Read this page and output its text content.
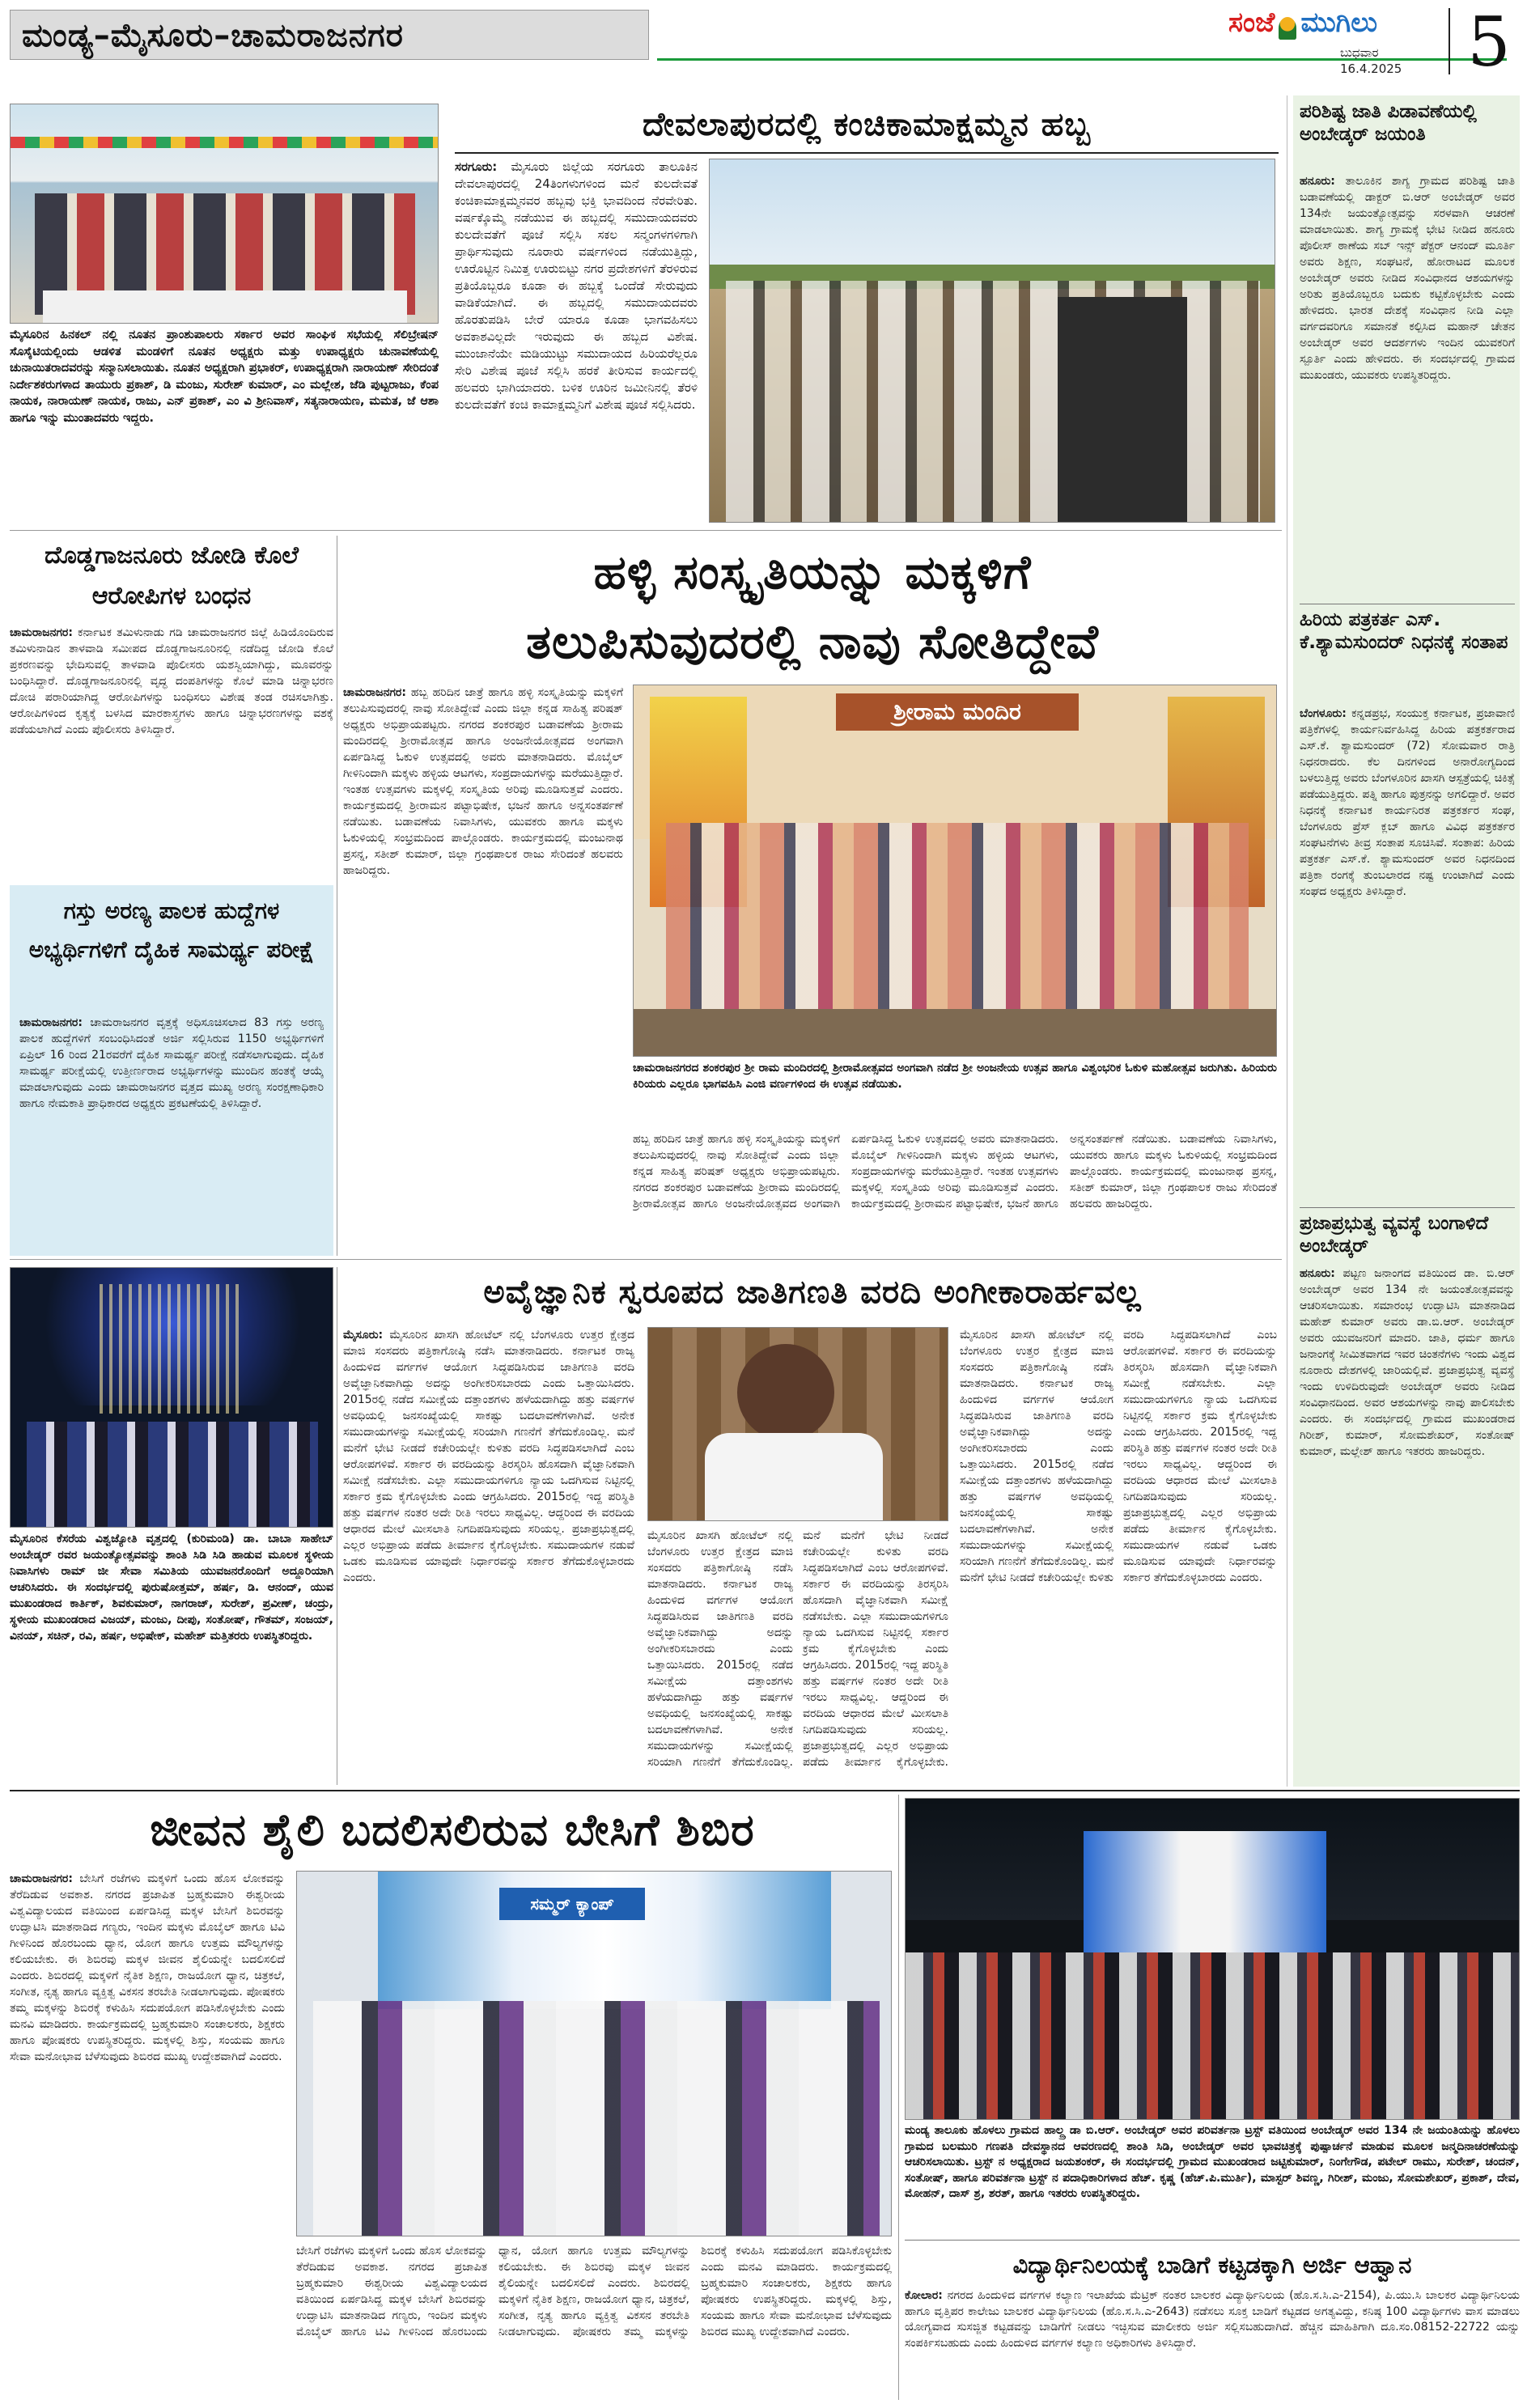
ಮಂಡ್ಯ–ಮೈಸೂರು–ಚಾಮರಾಜನಗರ	ಸಂಜೆ ಮುಗಿಲು
ಬುಧವಾರ
16.4.2025 5
ಮೈಸೂರಿನ ಹಿನಕಲ್ ನಲ್ಲಿ ನೂತನ ಪ್ರಾಂಶುಪಾಲರು ಸರ್ಕಾರ ಅವರ ಸಾಂಘಿಕ ಸಭೆಯಲ್ಲಿ ಸೆಲಿಬ್ರೇಷನ್ ಸೊಸೈಟಿಯಲ್ಲಿಂದು ಆಡಳಿತ ಮಂಡಳಿಗೆ ನೂತನ ಅಧ್ಯಕ್ಷರು ಮತ್ತು ಉಪಾಧ್ಯಕ್ಷರು ಚುನಾವಣೆಯಲ್ಲಿ ಚುನಾಯಿತರಾದವರನ್ನು ಸನ್ಮಾನಿಸಲಾಯಿತು. ನೂತನ ಅಧ್ಯಕ್ಷರಾಗಿ ಪ್ರಭಾಕರ್, ಉಪಾಧ್ಯಕ್ಷರಾಗಿ ನಾರಾಯಣ್ ಸೇರಿದಂತೆ ನಿರ್ದೇಶಕರುಗಳಾದ ತಾಯುರು ಪ್ರಕಾಶ್, ಡಿ ಮಂಜು, ಸುರೇಶ್ ಕುಮಾರ್, ಎಂ ಮಲ್ಲೇಶ, ಜೆಡಿ ಪುಟ್ಟರಾಜು, ಕೆಂಪ ನಾಯಕ, ನಾರಾಯಣ್ ನಾಯಕ, ರಾಜು, ಎನ್ ಪ್ರಕಾಶ್, ಎಂ ವಿ ಶ್ರೀನಿವಾಸ್, ಸತ್ಯನಾರಾಯಣ, ಮಮತ, ಜೆ ಆಶಾ ಹಾಗೂ ಇನ್ನು ಮುಂತಾದವರು ಇದ್ದರು.
ದೇವಲಾಪುರದಲ್ಲಿ ಕಂಚಿಕಾಮಾಕ್ಷಮ್ಮನ ಹಬ್ಬ
ಸರಗೂರು: ಮೈಸೂರು ಜಿಲ್ಲೆಯ ಸರಗೂರು ತಾಲೂಕಿನ ದೇವಲಾಪುರದಲ್ಲಿ 24ತಿಂಗಳುಗಳಿಂದ ಮನೆ ಕುಲದೇವತೆ ಕಂಚಿಕಾಮಾಕ್ಷಮ್ಮನವರ ಹಬ್ಬವು ಭಕ್ತಿ ಭಾವದಿಂದ ನೆರವೇರಿತು. ವರ್ಷಕ್ಕೊಮ್ಮೆ ನಡೆಯುವ ಈ ಹಬ್ಬದಲ್ಲಿ ಸಮುದಾಯದವರು ಕುಲದೇವತೆಗೆ ಪೂಜೆ ಸಲ್ಲಿಸಿ ಸಕಲ ಸನ್ಮಂಗಳಗಳಿಗಾಗಿ ಪ್ರಾರ್ಥಿಸುವುದು ನೂರಾರು ವರ್ಷಗಳಿಂದ ನಡೆಯುತ್ತಿದ್ದು, ಊರೊಟ್ಟಿನ ನಿಮಿತ್ತ ಊರುಬಿಟ್ಟು ನಗರ ಪ್ರದೇಶಗಳಿಗೆ ತೆರಳಿರುವ ಪ್ರತಿಯೊಬ್ಬರೂ ಕೂಡಾ ಈ ಹಬ್ಬಕ್ಕೆ ಒಂದೆಡೆ ಸೇರುವುದು ವಾಡಿಕೆಯಾಗಿದೆ. ಈ ಹಬ್ಬದಲ್ಲಿ ಸಮುದಾಯದವರು ಹೊರತುಪಡಿಸಿ ಬೇರೆ ಯಾರೂ ಕೂಡಾ ಭಾಗವಹಿಸಲು ಅವಕಾಶವಿಲ್ಲದೇ ಇರುವುದು ಈ ಹಬ್ಬದ ವಿಶೇಷ. ಮುಂಜಾನೆಯೇ ಮಡಿಯುಟ್ಟು ಸಮುದಾಯದ ಹಿರಿಯರೆಲ್ಲರೂ ಸೇರಿ ವಿಶೇಷ ಪೂಜೆ ಸಲ್ಲಿಸಿ ಹರಕೆ ತೀರಿಸುವ ಕಾರ್ಯದಲ್ಲಿ ಹಲವರು ಭಾಗಿಯಾದರು. ಬಳಿಕ ಊರಿನ ಜಮೀನಿನಲ್ಲಿ ತೆರಳಿ ಕುಲದೇವತೆಗೆ ಕಂಚಿ ಕಾಮಾಕ್ಷಮ್ಮನಿಗೆ ವಿಶೇಷ ಪೂಜೆ ಸಲ್ಲಿಸಿದರು.
ಪರಿಶಿಷ್ಟ ಜಾತಿ ಪಿಡಾವಣೆಯಲ್ಲಿ ಅಂಬೇಡ್ಕರ್ ಜಯಂತಿ
ಹನೂರು: ತಾಲೂಕಿನ ಶಾಗ್ಯ ಗ್ರಾಮದ ಪರಿಶಿಷ್ಟ ಜಾತಿ ಬಡಾವಣೆಯಲ್ಲಿ ಡಾಕ್ಟರ್ ಬಿ.ಆರ್ ಅಂಬೇಡ್ಕರ್ ಅವರ 134ನೇ ಜಯಂತ್ಯೋತ್ಸವನ್ನು ಸರಳವಾಗಿ ಆಚರಣೆ ಮಾಡಲಾಯಿತು. ಶಾಗ್ಯ ಗ್ರಾಮಕ್ಕೆ ಭೇಟಿ ನೀಡಿದ ಹನೂರು ಪೊಲೀಸ್ ಠಾಣೆಯ ಸಬ್ ಇನ್ಸ್ ಪೆಕ್ಟರ್ ಆನಂದ್ ಮೂರ್ತಿ ಅವರು ಶಿಕ್ಷಣ, ಸಂಘಟನೆ, ಹೋರಾಟದ ಮೂಲಕ ಅಂಬೇಡ್ಕರ್ ಅವರು ನೀಡಿದ ಸಂವಿಧಾನದ ಆಶಯಗಳನ್ನು ಅರಿತು ಪ್ರತಿಯೊಬ್ಬರೂ ಬದುಕು ಕಟ್ಟಿಕೊಳ್ಳಬೇಕು ಎಂದು ಹೇಳಿದರು. ಭಾರತ ದೇಶಕ್ಕೆ ಸಂವಿಧಾನ ನೀಡಿ ಎಲ್ಲಾ ವರ್ಗದವರಿಗೂ ಸಮಾನತೆ ಕಲ್ಪಿಸಿದ ಮಹಾನ್ ಚೇತನ ಅಂಬೇಡ್ಕರ್ ಅವರ ಆದರ್ಶಗಳು ಇಂದಿನ ಯುವಕರಿಗೆ ಸ್ಪೂರ್ತಿ ಎಂದು ಹೇಳಿದರು. ಈ ಸಂದರ್ಭದಲ್ಲಿ ಗ್ರಾಮದ ಮುಖಂಡರು, ಯುವಕರು ಉಪಸ್ಥಿತರಿದ್ದರು.
ಹಿರಿಯ ಪತ್ರಕರ್ತ ಎಸ್. ಕೆ.ಶ್ಯಾಮಸುಂದರ್ ನಿಧನಕ್ಕೆ ಸಂತಾಪ
ಬೆಂಗಳೂರು: ಕನ್ನಡಪ್ರಭ, ಸಂಯುಕ್ತ ಕರ್ನಾಟಕ, ಪ್ರಜಾವಾಣಿ ಪತ್ರಿಕೆಗಳಲ್ಲಿ ಕಾರ್ಯನಿರ್ವಹಿಸಿದ್ದ ಹಿರಿಯ ಪತ್ರಕರ್ತರಾದ ಎಸ್.ಕೆ. ಶ್ಯಾಮಸುಂದರ್ (72) ಸೋಮವಾರ ರಾತ್ರಿ ನಿಧನರಾದರು. ಕೆಲ ದಿನಗಳಿಂದ ಅನಾರೋಗ್ಯದಿಂದ ಬಳಲುತ್ತಿದ್ದ ಅವರು ಬೆಂಗಳೂರಿನ ಖಾಸಗಿ ಆಸ್ಪತ್ರೆಯಲ್ಲಿ ಚಿಕಿತ್ಸೆ ಪಡೆಯುತ್ತಿದ್ದರು. ಪತ್ನಿ ಹಾಗೂ ಪುತ್ರನನ್ನು ಅಗಲಿದ್ದಾರೆ. ಅವರ ನಿಧನಕ್ಕೆ ಕರ್ನಾಟಕ ಕಾರ್ಯನಿರತ ಪತ್ರಕರ್ತರ ಸಂಘ, ಬೆಂಗಳೂರು ಪ್ರೆಸ್ ಕ್ಲಬ್ ಹಾಗೂ ವಿವಿಧ ಪತ್ರಕರ್ತರ ಸಂಘಟನೆಗಳು ತೀವ್ರ ಸಂತಾಪ ಸೂಚಿಸಿವೆ. ಸಂತಾಪ: ಹಿರಿಯ ಪತ್ರಕರ್ತ ಎಸ್.ಕೆ. ಶ್ಯಾಮಸುಂದರ್ ಅವರ ನಿಧನದಿಂದ ಪತ್ರಿಕಾ ರಂಗಕ್ಕೆ ತುಂಬಲಾರದ ನಷ್ಟ ಉಂಟಾಗಿದೆ ಎಂದು ಸಂಘದ ಅಧ್ಯಕ್ಷರು ತಿಳಿಸಿದ್ದಾರೆ.
ಪ್ರಜಾಪ್ರಭುತ್ವ ವ್ಯವಸ್ಥೆ ಬಂಗಾಳಿದೆ ಅಂಬೇಡ್ಕರ್
ಹನೂರು: ಪಟ್ಟಣ ಜನಾಂಗದ ವತಿಯಿಂದ ಡಾ. ಬಿ.ಆರ್ ಅಂಬೇಡ್ಕರ್ ಅವರ 134 ನೇ ಜಯಂತೋತ್ಸವವನ್ನು ಆಚರಿಸಲಾಯಿತು. ಸಮಾರಂಭ ಉದ್ಘಾಟಿಸಿ ಮಾತನಾಡಿದ ಮಹೇಶ್ ಕುಮಾರ್ ಅವರು ಡಾ.ಬಿ.ಆರ್. ಅಂಬೇಡ್ಕರ್ ಅವರು ಯುವಜನರಿಗೆ ಮಾದರಿ. ಜಾತಿ, ಧರ್ಮ ಹಾಗೂ ಜನಾಂಗಕ್ಕೆ ಸೀಮಿತವಾಗದ ಇವರ ಚಿಂತನೆಗಳು ಇಂದು ವಿಶ್ವದ ನೂರಾರು ದೇಶಗಳಲ್ಲಿ ಜಾರಿಯಲ್ಲಿವೆ. ಪ್ರಜಾಪ್ರಭುತ್ವ ವ್ಯವಸ್ಥೆ ಇಂದು ಉಳಿದಿರುವುದೇ ಅಂಬೇಡ್ಕರ್ ಅವರು ನೀಡಿದ ಸಂವಿಧಾನದಿಂದ. ಅವರ ಆಶಯಗಳನ್ನು ನಾವು ಪಾಲಿಸಬೇಕು ಎಂದರು. ಈ ಸಂದರ್ಭದಲ್ಲಿ ಗ್ರಾಮದ ಮುಖಂಡರಾದ ಗಿರೀಶ್, ಕುಮಾರ್, ಸೋಮಶೇಖರ್, ಸಂತೋಷ್ ಕುಮಾರ್, ಮಲ್ಲೇಶ್ ಹಾಗೂ ಇತರರು ಹಾಜರಿದ್ದರು.
ದೊಡ್ಡಗಾಜನೂರು ಜೋಡಿ ಕೊಲೆ ಆರೋಪಿಗಳ ಬಂಧನ
ಚಾಮರಾಜನಗರ: ಕರ್ನಾಟಕ ತಮಿಳುನಾಡು ಗಡಿ ಚಾಮರಾಜನಗರ ಜಿಲ್ಲೆ ಹಿಡಿಯೊಂದಿರುವ ತಮಿಳುನಾಡಿನ ತಾಳವಾಡಿ ಸಮೀಪದ ದೊಡ್ಡಗಾಜನೂರಿನಲ್ಲಿ ನಡೆದಿದ್ದ ಜೋಡಿ ಕೊಲೆ ಪ್ರಕರಣವನ್ನು ಭೇದಿಸುವಲ್ಲಿ ತಾಳವಾಡಿ ಪೊಲೀಸರು ಯಶಸ್ವಿಯಾಗಿದ್ದು, ಮೂವರನ್ನು ಬಂಧಿಸಿದ್ದಾರೆ. ದೊಡ್ಡಗಾಜನೂರಿನಲ್ಲಿ ವೃದ್ಧ ದಂಪತಿಗಳನ್ನು ಕೊಲೆ ಮಾಡಿ ಚಿನ್ನಾಭರಣ ದೋಚಿ ಪರಾರಿಯಾಗಿದ್ದ ಆರೋಪಿಗಳನ್ನು ಬಂಧಿಸಲು ವಿಶೇಷ ತಂಡ ರಚಿಸಲಾಗಿತ್ತು. ಆರೋಪಿಗಳಿಂದ ಕೃತ್ಯಕ್ಕೆ ಬಳಸಿದ ಮಾರಕಾಸ್ತ್ರಗಳು ಹಾಗೂ ಚಿನ್ನಾಭರಣಗಳನ್ನು ವಶಕ್ಕೆ ಪಡೆಯಲಾಗಿದೆ ಎಂದು ಪೊಲೀಸರು ತಿಳಿಸಿದ್ದಾರೆ.
ಗಸ್ತು ಅರಣ್ಯ ಪಾಲಕ ಹುದ್ದೆಗಳ ಅಭ್ಯರ್ಥಿಗಳಿಗೆ ದೈಹಿಕ ಸಾಮರ್ಥ್ಯ ಪರೀಕ್ಷೆ
ಚಾಮರಾಜನಗರ: ಚಾಮರಾಜನಗರ ವೃತ್ತಕ್ಕೆ ಅಧಿಸೂಚಿಸಲಾದ 83 ಗಸ್ತು ಅರಣ್ಯ ಪಾಲಕ ಹುದ್ದೆಗಳಿಗೆ ಸಂಬಂಧಿಸಿದಂತೆ ಅರ್ಜಿ ಸಲ್ಲಿಸಿರುವ 1150 ಅಭ್ಯರ್ಥಿಗಳಿಗೆ ಏಪ್ರಿಲ್ 16 ರಿಂದ 21ರವರೆಗೆ ದೈಹಿಕ ಸಾಮರ್ಥ್ಯ ಪರೀಕ್ಷೆ ನಡೆಸಲಾಗುವುದು. ದೈಹಿಕ ಸಾಮರ್ಥ್ಯ ಪರೀಕ್ಷೆಯಲ್ಲಿ ಉತ್ತೀರ್ಣರಾದ ಅಭ್ಯರ್ಥಿಗಳನ್ನು ಮುಂದಿನ ಹಂತಕ್ಕೆ ಆಯ್ಕೆ ಮಾಡಲಾಗುವುದು ಎಂದು ಚಾಮರಾಜನಗರ ವೃತ್ತದ ಮುಖ್ಯ ಅರಣ್ಯ ಸಂರಕ್ಷಣಾಧಿಕಾರಿ ಹಾಗೂ ನೇಮಕಾತಿ ಪ್ರಾಧಿಕಾರದ ಅಧ್ಯಕ್ಷರು ಪ್ರಕಟಣೆಯಲ್ಲಿ ತಿಳಿಸಿದ್ದಾರೆ.
ಹಳ್ಳಿ ಸಂಸ್ಕೃತಿಯನ್ನು ಮಕ್ಕಳಿಗೆ
ತಲುಪಿಸುವುದರಲ್ಲಿ ನಾವು ಸೋತಿದ್ದೇವೆ
ಚಾಮರಾಜನಗರ: ಹಬ್ಬ ಹರಿದಿನ ಜಾತ್ರೆ ಹಾಗೂ ಹಳ್ಳಿ ಸಂಸ್ಕೃತಿಯನ್ನು ಮಕ್ಕಳಿಗೆ ತಲುಪಿಸುವುದರಲ್ಲಿ ನಾವು ಸೋತಿದ್ದೇವೆ ಎಂದು ಜಿಲ್ಲಾ ಕನ್ನಡ ಸಾಹಿತ್ಯ ಪರಿಷತ್ ಅಧ್ಯಕ್ಷರು ಅಭಿಪ್ರಾಯಪಟ್ಟರು. ನಗರದ ಶಂಕರಪುರ ಬಡಾವಣೆಯ ಶ್ರೀರಾಮ ಮಂದಿರದಲ್ಲಿ ಶ್ರೀರಾಮೋತ್ಸವ ಹಾಗೂ ಅಂಜನೇಯೋತ್ಸವದ ಅಂಗವಾಗಿ ಏರ್ಪಡಿಸಿದ್ದ ಓಕುಳಿ ಉತ್ಸವದಲ್ಲಿ ಅವರು ಮಾತನಾಡಿದರು. ಮೊಬೈಲ್ ಗೀಳಿನಿಂದಾಗಿ ಮಕ್ಕಳು ಹಳ್ಳಿಯ ಆಟಗಳು, ಸಂಪ್ರದಾಯಗಳನ್ನು ಮರೆಯುತ್ತಿದ್ದಾರೆ. ಇಂತಹ ಉತ್ಸವಗಳು ಮಕ್ಕಳಲ್ಲಿ ಸಂಸ್ಕೃತಿಯ ಅರಿವು ಮೂಡಿಸುತ್ತವೆ ಎಂದರು. ಕಾರ್ಯಕ್ರಮದಲ್ಲಿ ಶ್ರೀರಾಮನ ಪಟ್ಟಾಭಿಷೇಕ, ಭಜನೆ ಹಾಗೂ ಅನ್ನಸಂತರ್ಪಣೆ ನಡೆಯಿತು. ಬಡಾವಣೆಯ ನಿವಾಸಿಗಳು, ಯುವಕರು ಹಾಗೂ ಮಕ್ಕಳು ಓಕುಳಿಯಲ್ಲಿ ಸಂಭ್ರಮದಿಂದ ಪಾಲ್ಗೊಂಡರು. ಕಾರ್ಯಕ್ರಮದಲ್ಲಿ ಮಂಜುನಾಥ ಪ್ರಸನ್ನ, ಸತೀಶ್ ಕುಮಾರ್, ಜಿಲ್ಲಾ ಗ್ರಂಥಪಾಲಕ ರಾಜು ಸೇರಿದಂತೆ ಹಲವರು ಹಾಜರಿದ್ದರು.
ಶ್ರೀರಾಮ ಮಂದಿರ
ಚಾಮರಾಜನಗರದ ಶಂಕರಪುರ ಶ್ರೀ ರಾಮ ಮಂದಿರದಲ್ಲಿ ಶ್ರೀರಾಮೋತ್ಸವದ ಅಂಗವಾಗಿ ನಡೆದ ಶ್ರೀ ಅಂಜನೇಯ ಉತ್ಸವ ಹಾಗೂ ವಿಶ್ವಂಭರಿಕ ಓಕುಳಿ ಮಹೋತ್ಸವ ಜರುಗಿತು. ಹಿರಿಯರು ಕಿರಿಯರು ಎಲ್ಲರೂ ಭಾಗವಹಿಸಿ ಎಂಜಿ ವರ್ಣಗಳಿಂದ ಈ ಉತ್ಸವ ನಡೆಯಿತು.
ಹಬ್ಬ ಹರಿದಿನ ಜಾತ್ರೆ ಹಾಗೂ ಹಳ್ಳಿ ಸಂಸ್ಕೃತಿಯನ್ನು ಮಕ್ಕಳಿಗೆ ತಲುಪಿಸುವುದರಲ್ಲಿ ನಾವು ಸೋತಿದ್ದೇವೆ ಎಂದು ಜಿಲ್ಲಾ ಕನ್ನಡ ಸಾಹಿತ್ಯ ಪರಿಷತ್ ಅಧ್ಯಕ್ಷರು ಅಭಿಪ್ರಾಯಪಟ್ಟರು. ನಗರದ ಶಂಕರಪುರ ಬಡಾವಣೆಯ ಶ್ರೀರಾಮ ಮಂದಿರದಲ್ಲಿ ಶ್ರೀರಾಮೋತ್ಸವ ಹಾಗೂ ಅಂಜನೇಯೋತ್ಸವದ ಅಂಗವಾಗಿ ಏರ್ಪಡಿಸಿದ್ದ ಓಕುಳಿ ಉತ್ಸವದಲ್ಲಿ ಅವರು ಮಾತನಾಡಿದರು. ಮೊಬೈಲ್ ಗೀಳಿನಿಂದಾಗಿ ಮಕ್ಕಳು ಹಳ್ಳಿಯ ಆಟಗಳು, ಸಂಪ್ರದಾಯಗಳನ್ನು ಮರೆಯುತ್ತಿದ್ದಾರೆ. ಇಂತಹ ಉತ್ಸವಗಳು ಮಕ್ಕಳಲ್ಲಿ ಸಂಸ್ಕೃತಿಯ ಅರಿವು ಮೂಡಿಸುತ್ತವೆ ಎಂದರು. ಕಾರ್ಯಕ್ರಮದಲ್ಲಿ ಶ್ರೀರಾಮನ ಪಟ್ಟಾಭಿಷೇಕ, ಭಜನೆ ಹಾಗೂ ಅನ್ನಸಂತರ್ಪಣೆ ನಡೆಯಿತು. ಬಡಾವಣೆಯ ನಿವಾಸಿಗಳು, ಯುವಕರು ಹಾಗೂ ಮಕ್ಕಳು ಓಕುಳಿಯಲ್ಲಿ ಸಂಭ್ರಮದಿಂದ ಪಾಲ್ಗೊಂಡರು. ಕಾರ್ಯಕ್ರಮದಲ್ಲಿ ಮಂಜುನಾಥ ಪ್ರಸನ್ನ, ಸತೀಶ್ ಕುಮಾರ್, ಜಿಲ್ಲಾ ಗ್ರಂಥಪಾಲಕ ರಾಜು ಸೇರಿದಂತೆ ಹಲವರು ಹಾಜರಿದ್ದರು.
ಮೈಸೂರಿನ ಕೆಸರೆಯ ವಿಶ್ವಜ್ಯೋತಿ ವೃತ್ತದಲ್ಲಿ (ಕುರಿಮಂಡಿ) ಡಾ. ಬಾಬಾ ಸಾಹೇಬ್ ಅಂಬೇಡ್ಕರ್ ರವರ ಜಯಂತ್ಯೋತ್ಸವವನ್ನು ಶಾಂತಿ ಸಿಡಿ ಸಿಡಿ ಹಾಡುವ ಮೂಲಕ ಸ್ಥಳೀಯ ನಿವಾಸಿಗಳು ರಾಮ್ ಜೀ ಸೇವಾ ಸಮಿತಿಯ ಯುವಜನರೊಂದಿಗೆ ಅದ್ದೂರಿಯಾಗಿ ಆಚರಿಸಿದರು. ಈ ಸಂದರ್ಭದಲ್ಲಿ ಪುರುಷೋತ್ತಮ್, ಹರ್ಷ, ಡಿ. ಆನಂದ್, ಯುವ ಮುಖಂಡರಾದ ಕಾರ್ತಿಕ್, ಶಿವಕುಮಾರ್, ನಾಗರಾಜ್, ಸುರೇಶ್, ಪ್ರವೀಣ್, ಚಂದ್ರು, ಸ್ಥಳೀಯ ಮುಖಂಡರಾದ ವಿಜಯ್, ಮಂಜು, ದೀಪು, ಸಂತೋಷ್, ಗೌತಮ್, ಸಂಜಯ್, ವಿನಯ್, ಸಚಿನ್, ರವಿ, ಹರ್ಷ, ಅಭಿಷೇಕ್, ಮಹೇಶ್ ಮತ್ತಿತರರು ಉಪಸ್ಥಿತರಿದ್ದರು.
ಅವೈಜ್ಞಾನಿಕ ಸ್ವರೂಪದ ಜಾತಿಗಣತಿ ವರದಿ ಅಂಗೀಕಾರಾರ್ಹವಲ್ಲ
ಮೈಸೂರು: ಮೈಸೂರಿನ ಖಾಸಗಿ ಹೋಟೆಲ್ ನಲ್ಲಿ ಬೆಂಗಳೂರು ಉತ್ತರ ಕ್ಷೇತ್ರದ ಮಾಜಿ ಸಂಸದರು ಪತ್ರಿಕಾಗೋಷ್ಠಿ ನಡೆಸಿ ಮಾತನಾಡಿದರು. ಕರ್ನಾಟಕ ರಾಜ್ಯ ಹಿಂದುಳಿದ ವರ್ಗಗಳ ಆಯೋಗ ಸಿದ್ಧಪಡಿಸಿರುವ ಜಾತಿಗಣತಿ ವರದಿ ಅವೈಜ್ಞಾನಿಕವಾಗಿದ್ದು ಅದನ್ನು ಅಂಗೀಕರಿಸಬಾರದು ಎಂದು ಒತ್ತಾಯಿಸಿದರು. 2015ರಲ್ಲಿ ನಡೆದ ಸಮೀಕ್ಷೆಯ ದತ್ತಾಂಶಗಳು ಹಳೆಯದಾಗಿದ್ದು ಹತ್ತು ವರ್ಷಗಳ ಅವಧಿಯಲ್ಲಿ ಜನಸಂಖ್ಯೆಯಲ್ಲಿ ಸಾಕಷ್ಟು ಬದಲಾವಣೆಗಳಾಗಿವೆ. ಅನೇಕ ಸಮುದಾಯಗಳನ್ನು ಸಮೀಕ್ಷೆಯಲ್ಲಿ ಸರಿಯಾಗಿ ಗಣನೆಗೆ ತೆಗೆದುಕೊಂಡಿಲ್ಲ. ಮನೆ ಮನೆಗೆ ಭೇಟಿ ನೀಡದೆ ಕಚೇರಿಯಲ್ಲೇ ಕುಳಿತು ವರದಿ ಸಿದ್ಧಪಡಿಸಲಾಗಿದೆ ಎಂಬ ಆರೋಪಗಳಿವೆ. ಸರ್ಕಾರ ಈ ವರದಿಯನ್ನು ತಿರಸ್ಕರಿಸಿ ಹೊಸದಾಗಿ ವೈಜ್ಞಾನಿಕವಾಗಿ ಸಮೀಕ್ಷೆ ನಡೆಸಬೇಕು. ಎಲ್ಲಾ ಸಮುದಾಯಗಳಿಗೂ ನ್ಯಾಯ ಒದಗಿಸುವ ನಿಟ್ಟಿನಲ್ಲಿ ಸರ್ಕಾರ ಕ್ರಮ ಕೈಗೊಳ್ಳಬೇಕು ಎಂದು ಆಗ್ರಹಿಸಿದರು. 2015ರಲ್ಲಿ ಇದ್ದ ಪರಿಸ್ಥಿತಿ ಹತ್ತು ವರ್ಷಗಳ ನಂತರ ಅದೇ ರೀತಿ ಇರಲು ಸಾಧ್ಯವಿಲ್ಲ. ಆದ್ದರಿಂದ ಈ ವರದಿಯ ಆಧಾರದ ಮೇಲೆ ಮೀಸಲಾತಿ ನಿಗದಿಪಡಿಸುವುದು ಸರಿಯಲ್ಲ. ಪ್ರಜಾಪ್ರಭುತ್ವದಲ್ಲಿ ಎಲ್ಲರ ಅಭಿಪ್ರಾಯ ಪಡೆದು ತೀರ್ಮಾನ ಕೈಗೊಳ್ಳಬೇಕು. ಸಮುದಾಯಗಳ ನಡುವೆ ಒಡಕು ಮೂಡಿಸುವ ಯಾವುದೇ ನಿರ್ಧಾರವನ್ನು ಸರ್ಕಾರ ತೆಗೆದುಕೊಳ್ಳಬಾರದು ಎಂದರು.
ಮೈಸೂರಿನ ಖಾಸಗಿ ಹೋಟೆಲ್ ನಲ್ಲಿ ಬೆಂಗಳೂರು ಉತ್ತರ ಕ್ಷೇತ್ರದ ಮಾಜಿ ಸಂಸದರು ಪತ್ರಿಕಾಗೋಷ್ಠಿ ನಡೆಸಿ ಮಾತನಾಡಿದರು. ಕರ್ನಾಟಕ ರಾಜ್ಯ ಹಿಂದುಳಿದ ವರ್ಗಗಳ ಆಯೋಗ ಸಿದ್ಧಪಡಿಸಿರುವ ಜಾತಿಗಣತಿ ವರದಿ ಅವೈಜ್ಞಾನಿಕವಾಗಿದ್ದು ಅದನ್ನು ಅಂಗೀಕರಿಸಬಾರದು ಎಂದು ಒತ್ತಾಯಿಸಿದರು. 2015ರಲ್ಲಿ ನಡೆದ ಸಮೀಕ್ಷೆಯ ದತ್ತಾಂಶಗಳು ಹಳೆಯದಾಗಿದ್ದು ಹತ್ತು ವರ್ಷಗಳ ಅವಧಿಯಲ್ಲಿ ಜನಸಂಖ್ಯೆಯಲ್ಲಿ ಸಾಕಷ್ಟು ಬದಲಾವಣೆಗಳಾಗಿವೆ. ಅನೇಕ ಸಮುದಾಯಗಳನ್ನು ಸಮೀಕ್ಷೆಯಲ್ಲಿ ಸರಿಯಾಗಿ ಗಣನೆಗೆ ತೆಗೆದುಕೊಂಡಿಲ್ಲ. ಮನೆ ಮನೆಗೆ ಭೇಟಿ ನೀಡದೆ ಕಚೇರಿಯಲ್ಲೇ ಕುಳಿತು ವರದಿ ಸಿದ್ಧಪಡಿಸಲಾಗಿದೆ ಎಂಬ ಆರೋಪಗಳಿವೆ. ಸರ್ಕಾರ ಈ ವರದಿಯನ್ನು ತಿರಸ್ಕರಿಸಿ ಹೊಸದಾಗಿ ವೈಜ್ಞಾನಿಕವಾಗಿ ಸಮೀಕ್ಷೆ ನಡೆಸಬೇಕು. ಎಲ್ಲಾ ಸಮುದಾಯಗಳಿಗೂ ನ್ಯಾಯ ಒದಗಿಸುವ ನಿಟ್ಟಿನಲ್ಲಿ ಸರ್ಕಾರ ಕ್ರಮ ಕೈಗೊಳ್ಳಬೇಕು ಎಂದು ಆಗ್ರಹಿಸಿದರು. 2015ರಲ್ಲಿ ಇದ್ದ ಪರಿಸ್ಥಿತಿ ಹತ್ತು ವರ್ಷಗಳ ನಂತರ ಅದೇ ರೀತಿ ಇರಲು ಸಾಧ್ಯವಿಲ್ಲ. ಆದ್ದರಿಂದ ಈ ವರದಿಯ ಆಧಾರದ ಮೇಲೆ ಮೀಸಲಾತಿ ನಿಗದಿಪಡಿಸುವುದು ಸರಿಯಲ್ಲ. ಪ್ರಜಾಪ್ರಭುತ್ವದಲ್ಲಿ ಎಲ್ಲರ ಅಭಿಪ್ರಾಯ ಪಡೆದು ತೀರ್ಮಾನ ಕೈಗೊಳ್ಳಬೇಕು.
ಮೈಸೂರಿನ ಖಾಸಗಿ ಹೋಟೆಲ್ ನಲ್ಲಿ ಬೆಂಗಳೂರು ಉತ್ತರ ಕ್ಷೇತ್ರದ ಮಾಜಿ ಸಂಸದರು ಪತ್ರಿಕಾಗೋಷ್ಠಿ ನಡೆಸಿ ಮಾತನಾಡಿದರು. ಕರ್ನಾಟಕ ರಾಜ್ಯ ಹಿಂದುಳಿದ ವರ್ಗಗಳ ಆಯೋಗ ಸಿದ್ಧಪಡಿಸಿರುವ ಜಾತಿಗಣತಿ ವರದಿ ಅವೈಜ್ಞಾನಿಕವಾಗಿದ್ದು ಅದನ್ನು ಅಂಗೀಕರಿಸಬಾರದು ಎಂದು ಒತ್ತಾಯಿಸಿದರು. 2015ರಲ್ಲಿ ನಡೆದ ಸಮೀಕ್ಷೆಯ ದತ್ತಾಂಶಗಳು ಹಳೆಯದಾಗಿದ್ದು ಹತ್ತು ವರ್ಷಗಳ ಅವಧಿಯಲ್ಲಿ ಜನಸಂಖ್ಯೆಯಲ್ಲಿ ಸಾಕಷ್ಟು ಬದಲಾವಣೆಗಳಾಗಿವೆ. ಅನೇಕ ಸಮುದಾಯಗಳನ್ನು ಸಮೀಕ್ಷೆಯಲ್ಲಿ ಸರಿಯಾಗಿ ಗಣನೆಗೆ ತೆಗೆದುಕೊಂಡಿಲ್ಲ. ಮನೆ ಮನೆಗೆ ಭೇಟಿ ನೀಡದೆ ಕಚೇರಿಯಲ್ಲೇ ಕುಳಿತು ವರದಿ ಸಿದ್ಧಪಡಿಸಲಾಗಿದೆ ಎಂಬ ಆರೋಪಗಳಿವೆ. ಸರ್ಕಾರ ಈ ವರದಿಯನ್ನು ತಿರಸ್ಕರಿಸಿ ಹೊಸದಾಗಿ ವೈಜ್ಞಾನಿಕವಾಗಿ ಸಮೀಕ್ಷೆ ನಡೆಸಬೇಕು. ಎಲ್ಲಾ ಸಮುದಾಯಗಳಿಗೂ ನ್ಯಾಯ ಒದಗಿಸುವ ನಿಟ್ಟಿನಲ್ಲಿ ಸರ್ಕಾರ ಕ್ರಮ ಕೈಗೊಳ್ಳಬೇಕು ಎಂದು ಆಗ್ರಹಿಸಿದರು. 2015ರಲ್ಲಿ ಇದ್ದ ಪರಿಸ್ಥಿತಿ ಹತ್ತು ವರ್ಷಗಳ ನಂತರ ಅದೇ ರೀತಿ ಇರಲು ಸಾಧ್ಯವಿಲ್ಲ. ಆದ್ದರಿಂದ ಈ ವರದಿಯ ಆಧಾರದ ಮೇಲೆ ಮೀಸಲಾತಿ ನಿಗದಿಪಡಿಸುವುದು ಸರಿಯಲ್ಲ. ಪ್ರಜಾಪ್ರಭುತ್ವದಲ್ಲಿ ಎಲ್ಲರ ಅಭಿಪ್ರಾಯ ಪಡೆದು ತೀರ್ಮಾನ ಕೈಗೊಳ್ಳಬೇಕು. ಸಮುದಾಯಗಳ ನಡುವೆ ಒಡಕು ಮೂಡಿಸುವ ಯಾವುದೇ ನಿರ್ಧಾರವನ್ನು ಸರ್ಕಾರ ತೆಗೆದುಕೊಳ್ಳಬಾರದು ಎಂದರು.
ಜೀವನ ಶೈಲಿ ಬದಲಿಸಲಿರುವ ಬೇಸಿಗೆ ಶಿಬಿರ
ಚಾಮರಾಜನಗರ: ಬೇಸಿಗೆ ರಜೆಗಳು ಮಕ್ಕಳಿಗೆ ಒಂದು ಹೊಸ ಲೋಕವನ್ನು ತೆರೆದಿಡುವ ಅವಕಾಶ. ನಗರದ ಪ್ರಜಾಪಿತ ಬ್ರಹ್ಮಕುಮಾರಿ ಈಶ್ವರೀಯ ವಿಶ್ವವಿದ್ಯಾಲಯದ ವತಿಯಿಂದ ಏರ್ಪಡಿಸಿದ್ದ ಮಕ್ಕಳ ಬೇಸಿಗೆ ಶಿಬಿರವನ್ನು ಉದ್ಘಾಟಿಸಿ ಮಾತನಾಡಿದ ಗಣ್ಯರು, ಇಂದಿನ ಮಕ್ಕಳು ಮೊಬೈಲ್ ಹಾಗೂ ಟಿವಿ ಗೀಳಿನಿಂದ ಹೊರಬಂದು ಧ್ಯಾನ, ಯೋಗ ಹಾಗೂ ಉತ್ತಮ ಮೌಲ್ಯಗಳನ್ನು ಕಲಿಯಬೇಕು. ಈ ಶಿಬಿರವು ಮಕ್ಕಳ ಜೀವನ ಶೈಲಿಯನ್ನೇ ಬದಲಿಸಲಿದೆ ಎಂದರು. ಶಿಬಿರದಲ್ಲಿ ಮಕ್ಕಳಿಗೆ ನೈತಿಕ ಶಿಕ್ಷಣ, ರಾಜಯೋಗ ಧ್ಯಾನ, ಚಿತ್ರಕಲೆ, ಸಂಗೀತ, ನೃತ್ಯ ಹಾಗೂ ವ್ಯಕ್ತಿತ್ವ ವಿಕಸನ ತರಬೇತಿ ನೀಡಲಾಗುವುದು. ಪೋಷಕರು ತಮ್ಮ ಮಕ್ಕಳನ್ನು ಶಿಬಿರಕ್ಕೆ ಕಳುಹಿಸಿ ಸದುಪಯೋಗ ಪಡಿಸಿಕೊಳ್ಳಬೇಕು ಎಂದು ಮನವಿ ಮಾಡಿದರು. ಕಾರ್ಯಕ್ರಮದಲ್ಲಿ ಬ್ರಹ್ಮಕುಮಾರಿ ಸಂಚಾಲಕರು, ಶಿಕ್ಷಕರು ಹಾಗೂ ಪೋಷಕರು ಉಪಸ್ಥಿತರಿದ್ದರು. ಮಕ್ಕಳಲ್ಲಿ ಶಿಸ್ತು, ಸಂಯಮ ಹಾಗೂ ಸೇವಾ ಮನೋಭಾವ ಬೆಳೆಸುವುದು ಶಿಬಿರದ ಮುಖ್ಯ ಉದ್ದೇಶವಾಗಿದೆ ಎಂದರು.
ಸಮ್ಮರ್ ಕ್ಯಾಂಪ್
ಬೇಸಿಗೆ ರಜೆಗಳು ಮಕ್ಕಳಿಗೆ ಒಂದು ಹೊಸ ಲೋಕವನ್ನು ತೆರೆದಿಡುವ ಅವಕಾಶ. ನಗರದ ಪ್ರಜಾಪಿತ ಬ್ರಹ್ಮಕುಮಾರಿ ಈಶ್ವರೀಯ ವಿಶ್ವವಿದ್ಯಾಲಯದ ವತಿಯಿಂದ ಏರ್ಪಡಿಸಿದ್ದ ಮಕ್ಕಳ ಬೇಸಿಗೆ ಶಿಬಿರವನ್ನು ಉದ್ಘಾಟಿಸಿ ಮಾತನಾಡಿದ ಗಣ್ಯರು, ಇಂದಿನ ಮಕ್ಕಳು ಮೊಬೈಲ್ ಹಾಗೂ ಟಿವಿ ಗೀಳಿನಿಂದ ಹೊರಬಂದು ಧ್ಯಾನ, ಯೋಗ ಹಾಗೂ ಉತ್ತಮ ಮೌಲ್ಯಗಳನ್ನು ಕಲಿಯಬೇಕು. ಈ ಶಿಬಿರವು ಮಕ್ಕಳ ಜೀವನ ಶೈಲಿಯನ್ನೇ ಬದಲಿಸಲಿದೆ ಎಂದರು. ಶಿಬಿರದಲ್ಲಿ ಮಕ್ಕಳಿಗೆ ನೈತಿಕ ಶಿಕ್ಷಣ, ರಾಜಯೋಗ ಧ್ಯಾನ, ಚಿತ್ರಕಲೆ, ಸಂಗೀತ, ನೃತ್ಯ ಹಾಗೂ ವ್ಯಕ್ತಿತ್ವ ವಿಕಸನ ತರಬೇತಿ ನೀಡಲಾಗುವುದು. ಪೋಷಕರು ತಮ್ಮ ಮಕ್ಕಳನ್ನು ಶಿಬಿರಕ್ಕೆ ಕಳುಹಿಸಿ ಸದುಪಯೋಗ ಪಡಿಸಿಕೊಳ್ಳಬೇಕು ಎಂದು ಮನವಿ ಮಾಡಿದರು. ಕಾರ್ಯಕ್ರಮದಲ್ಲಿ ಬ್ರಹ್ಮಕುಮಾರಿ ಸಂಚಾಲಕರು, ಶಿಕ್ಷಕರು ಹಾಗೂ ಪೋಷಕರು ಉಪಸ್ಥಿತರಿದ್ದರು. ಮಕ್ಕಳಲ್ಲಿ ಶಿಸ್ತು, ಸಂಯಮ ಹಾಗೂ ಸೇವಾ ಮನೋಭಾವ ಬೆಳೆಸುವುದು ಶಿಬಿರದ ಮುಖ್ಯ ಉದ್ದೇಶವಾಗಿದೆ ಎಂದರು.
ಮಂಡ್ಯ ತಾಲೂಕು ಹೊಳಲು ಗ್ರಾಮದ ಹಾಲ್ದ್ರ ಡಾ ಬಿ.ಆರ್. ಅಂಬೇಡ್ಕರ್ ಅವರ ಪರಿವರ್ತನಾ ಟ್ರಸ್ಟ್ ವತಿಯಿಂದ ಅಂಬೇಡ್ಕರ್ ಅವರ 134 ನೇ ಜಯಂತಿಯನ್ನು ಹೊಳಲು ಗ್ರಾಮದ ಬಲಮುರಿ ಗಣಪತಿ ದೇವಸ್ಥಾನದ ಆವರಣದಲ್ಲಿ ಶಾಂತಿ ಸಿಡಿ, ಅಂಬೇಡ್ಕರ್ ಅವರ ಭಾವಚಿತ್ರಕ್ಕೆ ಪುಷ್ಪಾರ್ಚನೆ ಮಾಡುವ ಮೂಲಕ ಜನ್ಮದಿನಾಚರಣೆಯನ್ನು ಆಚರಿಸಲಾಯಿತು. ಟ್ರಸ್ಟ್ ನ ಅಧ್ಯಕ್ಷರಾದ ಜಯಶಂಕರ್, ಈ ಸಂದರ್ಭದಲ್ಲಿ ಗ್ರಾಮದ ಮುಖಂಡರಾದ ಜಟ್ಟಿಕುಮಾರ್, ನಿಂಗೇಗೌಡ, ಪಟೇಲ್ ರಾಮು, ಸುರೇಶ್, ಚಂದನ್, ಸಂತೋಷ್, ಹಾಗೂ ಪರಿವರ್ತನಾ ಟ್ರಸ್ಟ್ ನ ಪದಾಧಿಕಾರಿಗಳಾದ ಹೆಚ್. ಕೃಷ್ಣ (ಹೆಚ್.ಪಿ.ಮುರ್ತಿ), ಮಾಸ್ಟರ್ ಶಿವಣ್ಣ, ಗಿರೀಶ್, ಮಂಜು, ಸೋಮಶೇಖರ್, ಪ್ರಕಾಶ್, ದೇವ, ಮೋಹನ್, ದಾಸ್ ಶ್ರ, ಶರತ್, ಹಾಗೂ ಇತರರು ಉಪಸ್ಥಿತರಿದ್ದರು.
ವಿದ್ಯಾರ್ಥಿನಿಲಯಕ್ಕೆ ಬಾಡಿಗೆ ಕಟ್ಟಡಕ್ಕಾಗಿ ಅರ್ಜಿ ಆಹ್ವಾನ
ಕೋಲಾರ: ನಗರದ ಹಿಂದುಳಿದ ವರ್ಗಗಳ ಕಲ್ಯಾಣ ಇಲಾಖೆಯ ಮೆಟ್ರಿಕ್ ನಂತರ ಬಾಲಕರ ವಿದ್ಯಾರ್ಥಿನಿಲಯ (ಹೊ.ಸ.ಸಿ.ಎ-2154), ಪಿ.ಯು.ಸಿ ಬಾಲಕರ ವಿದ್ಯಾರ್ಥಿನಿಲಯ ಹಾಗೂ ವೃತ್ತಿಪರ ಕಾಲೇಜು ಬಾಲಕರ ವಿದ್ಯಾರ್ಥಿನಿಲಯ (ಹೊ.ಸ.ಸಿ.ಎ-2643) ನಡೆಸಲು ಸೂಕ್ತ ಬಾಡಿಗೆ ಕಟ್ಟಡದ ಅಗತ್ಯವಿದ್ದು, ಕನಿಷ್ಠ 100 ವಿದ್ಯಾರ್ಥಿಗಳು ವಾಸ ಮಾಡಲು ಯೋಗ್ಯವಾದ ಸುಸಜ್ಜಿತ ಕಟ್ಟಡವನ್ನು ಬಾಡಿಗೆಗೆ ನೀಡಲು ಇಚ್ಛಿಸುವ ಮಾಲೀಕರು ಅರ್ಜಿ ಸಲ್ಲಿಸಬಹುದಾಗಿದೆ. ಹೆಚ್ಚಿನ ಮಾಹಿತಿಗಾಗಿ ದೂ.ಸಂ.08152-22722 ಯನ್ನು ಸಂಪರ್ಕಿಸಬಹುದು ಎಂದು ಹಿಂದುಳಿದ ವರ್ಗಗಳ ಕಲ್ಯಾಣ ಅಧಿಕಾರಿಗಳು ತಿಳಿಸಿದ್ದಾರೆ.
